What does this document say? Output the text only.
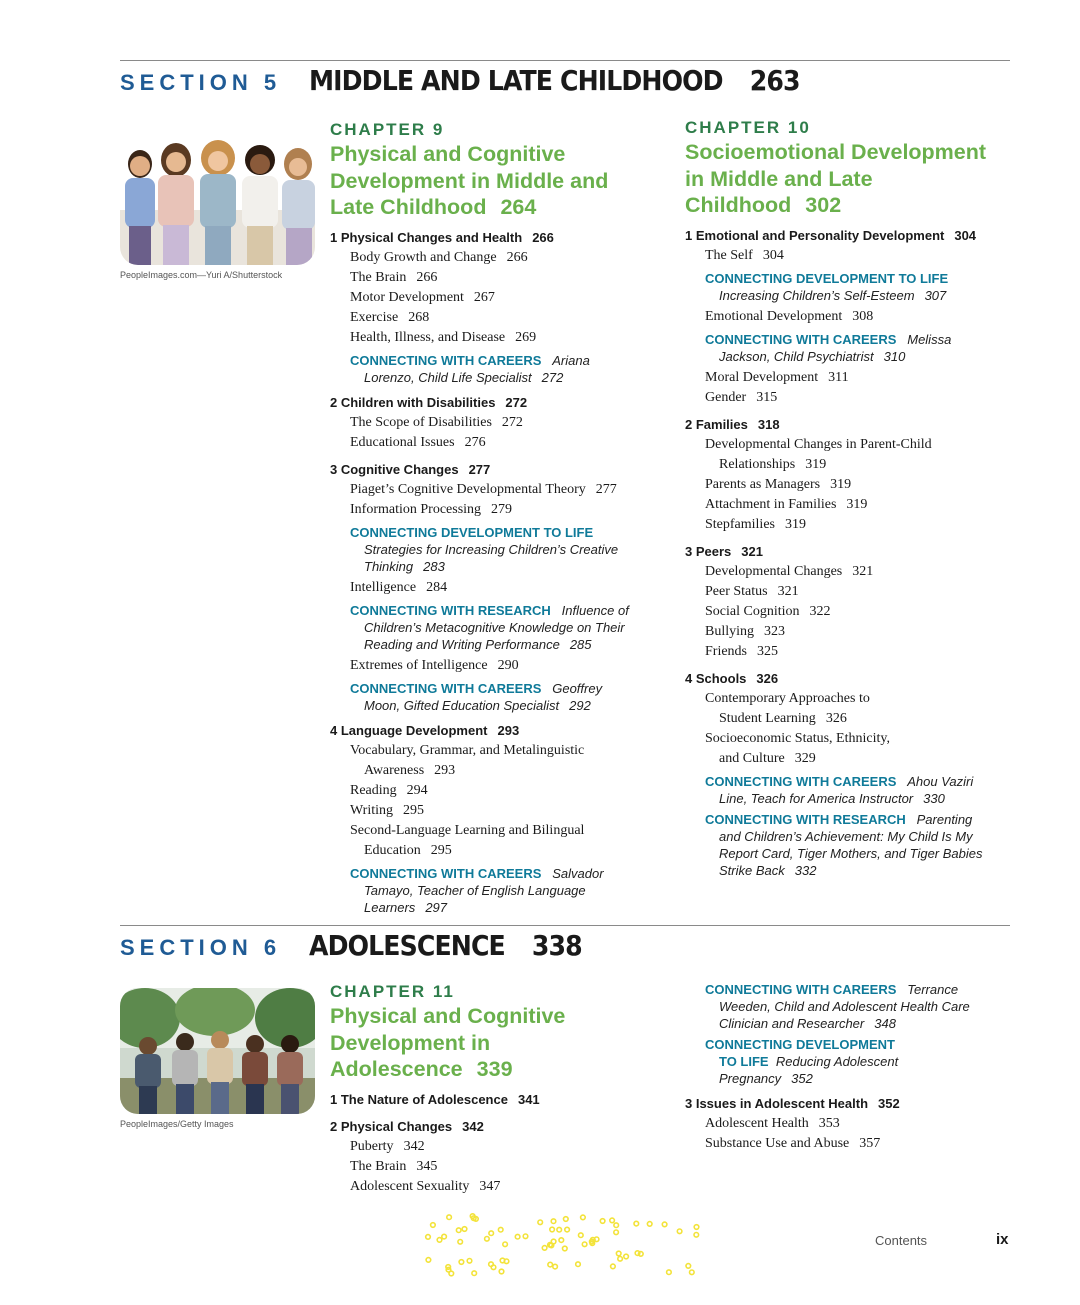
SECTION 5 MIDDLE AND LATE CHILDHOOD 263
PeopleImages.com—Yuri A/Shutterstock
CHAPTER 9
Physical and Cognitive
Development in Middle and
Late Childhood 264
1 Physical Changes and Health 266
Body Growth and Change 266
The Brain 266
Motor Development 267
Exercise 268
Health, Illness, and Disease 269
CONNECTING WITH CAREERS Ariana
Lorenzo, Child Life Specialist 272
2 Children with Disabilities 272
The Scope of Disabilities 272
Educational Issues 276
3 Cognitive Changes 277
Piaget’s Cognitive Developmental Theory 277
Information Processing 279
CONNECTING DEVELOPMENT TO LIFE
Strategies for Increasing Children’s Creative
Thinking 283
Intelligence 284
CONNECTING WITH RESEARCH Influence of
Children’s Metacognitive Knowledge on Their
Reading and Writing Performance 285
Extremes of Intelligence 290
CONNECTING WITH CAREERS Geoffrey
Moon, Gifted Education Specialist 292
4 Language Development 293
Vocabulary, Grammar, and Metalinguistic
Awareness 293
Reading 294
Writing 295
Second-Language Learning and Bilingual
Education 295
CONNECTING WITH CAREERS Salvador
Tamayo, Teacher of English Language
Learners 297
CHAPTER 10
Socioemotional Development
in Middle and Late
Childhood 302
1 Emotional and Personality Development 304
The Self 304
CONNECTING DEVELOPMENT TO LIFE
Increasing Children’s Self-Esteem 307
Emotional Development 308
CONNECTING WITH CAREERS Melissa
Jackson, Child Psychiatrist 310
Moral Development 311
Gender 315
2 Families 318
Developmental Changes in Parent-Child
Relationships 319
Parents as Managers 319
Attachment in Families 319
Stepfamilies 319
3 Peers 321
Developmental Changes 321
Peer Status 321
Social Cognition 322
Bullying 323
Friends 325
4 Schools 326
Contemporary Approaches to
Student Learning 326
Socioeconomic Status, Ethnicity,
and Culture 329
CONNECTING WITH CAREERS Ahou Vaziri
Line, Teach for America Instructor 330
CONNECTING WITH RESEARCH Parenting
and Children’s Achievement: My Child Is My
Report Card, Tiger Mothers, and Tiger Babies
Strike Back 332
SECTION 6 ADOLESCENCE 338
PeopleImages/Getty Images
CHAPTER 11
Physical and Cognitive
Development in
Adolescence 339
1 The Nature of Adolescence 341
2 Physical Changes 342
Puberty 342
The Brain 345
Adolescent Sexuality 347
CONNECTING WITH CAREERS Terrance
Weeden, Child and Adolescent Health Care
Clinician and Researcher 348
CONNECTING DEVELOPMENT
TO LIFE Reducing Adolescent
Pregnancy 352
3 Issues in Adolescent Health 352
Adolescent Health 353
Substance Use and Abuse 357
Contents	ix
